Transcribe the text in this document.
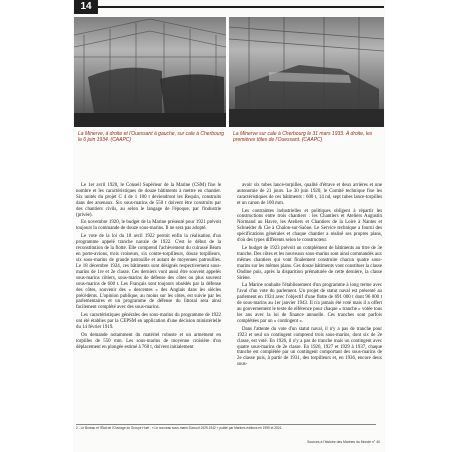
14
La Minerve, à droite et l'Ouessant à gauche, sur cale à Cherbourg le 6 juin 1934. (CAAPC)
La Minerve sur cale à Cherbourg le 31 mars 1933. À droite, les premières tôles de l'Ouessant. (CAAPC)

Le 1er avril 1920, le Conseil Supérieur de la Marine (CSM) fixe le nombre et les caractéristiques de douze bâtiments à mettre en chantier. Six unités du projet C 4 de 1 100 t deviendront les Requin, construits dans des arsenaux. Six sous-marins de 550 t doivent être construits par des chantiers civils, au selon le langage de l'époque, par l'industrie (privée).

En novembre 1920, le budget de la Marine présenté pour 1921 prévoit toujours la commande de douze sous-marins. Il ne sera pas adopté.

Le vote de la loi du 18 avril 1922 permit enfin la réalisation d'un programme appelé tranche navale de 1922. C'est le début de la reconstitution de la flotte. Elle comprend l'achèvement du cuirassé Béarn en porte-avions, trois croiseurs, six contre-torpilleurs, douze torpilleurs, six sous-marins de grande patrouille et autant de moyennes patrouilles. Le 18 décembre 1924, ces bâtiments sont désignés respectivement sous-marins de 1re et 2e classe. Ces derniers vont aussi être souvent appelés sous-marins côtiers, sous-marins de défense des côtes ou plus souvent sous-marins de 600 t. Les Français sont toujours obsédés par la défense des côtes, souvenir des « descentes » des Anglais dans les siècles précédents. L'opinion publique, au moins sur les côtes, est suivie par les parlementaires et un programme de défense du littoral sera ainsi facilement complété avec des sous-marins.

Les caractéristiques générales des sous-marins du programme de 1922 ont été établies par la CEPSM en application d'une décision ministérielle du 14 février 1919.

On demande notamment du matériel robuste et un armement en torpilles de 550 mm. Les sous-marins de moyenne croisière d'un déplacement en plongée estimé à 760 t, doivent initialement

avoir six tubes lance-torpilles, qualité d'étrave et deux arrières et une autonomie de 21 jours. Le 30 juin 1920, le Comité technique fixe les caractéristiques de ces bâtiments : 600 t, 14 nd, sept tubes lance-torpilles et un canon de 100 mm.

Les contraintes industrielles et politiques obligent à répartir les constructions entre trois chantiers : les Chantiers et Ateliers Augustin Normand au Havre, les Ateliers et Chantiers de la Loire à Nantes et Schneider & Cie à Chalon-sur-Saône. Le Service technique a fourni des spécifications générales et chaque chantier a réalisé ses propres plans, d'où des types différents selon le constructeur.

Le budget de 1923 prévoit un complément de bâtiments au titre de 3e tranche. Des côtes et les nouveaux sous-marins sont ainsi commandés aux mêmes chantiers qui vont finalement construire chacun quatre sous-marins sur les mêmes plans. Ces douze bâtiments vont constituer la classe Ondine puis, après la disparition prématurée de cette dernière, la classe Sirène.

La Marine souhaite l'établissement d'un programme à long terme avec l'aval d'un vote du parlement. Un projet de statut naval est présenté au parlement en 1924 avec l'objectif d'une flotte de 691 000 t dont 96 000 t de sous-marins au 1er janvier 1943. Il n'a jamais été voté mais il a offert au gouvernement le texte de référence pour chaque « tranche » votée tous les ans avec la loi de finance annuelle. Ces tranches sont parfois complétées par un « contingent ».

Dans l'attente du vote d'un statut naval, il n'y a pas de tranche pour 1923 et seul un contingent comprend trois sous-marins, dont six de 2e classe, est voté. En 1926, il n'y a pas de tranche mais un contingent avec quatre sous-marins de 2e classe. En 1926, 1927 et 1929 à 1937, chaque tranche est complétée par un contingent comportant des sous-marins de 2e classe puis, à partir de 1931, des torpilleurs et, en 1936, encore deux sous-

2 - Le Bureau et l'État de l'Ouvrage du Groupe Huet : « Le nouveau sous-marin Surcouf 1929-1942 » publié par Marines éditions en 1999 et 2001.
Sources à l'histoire des Marines du Monde n° 40
